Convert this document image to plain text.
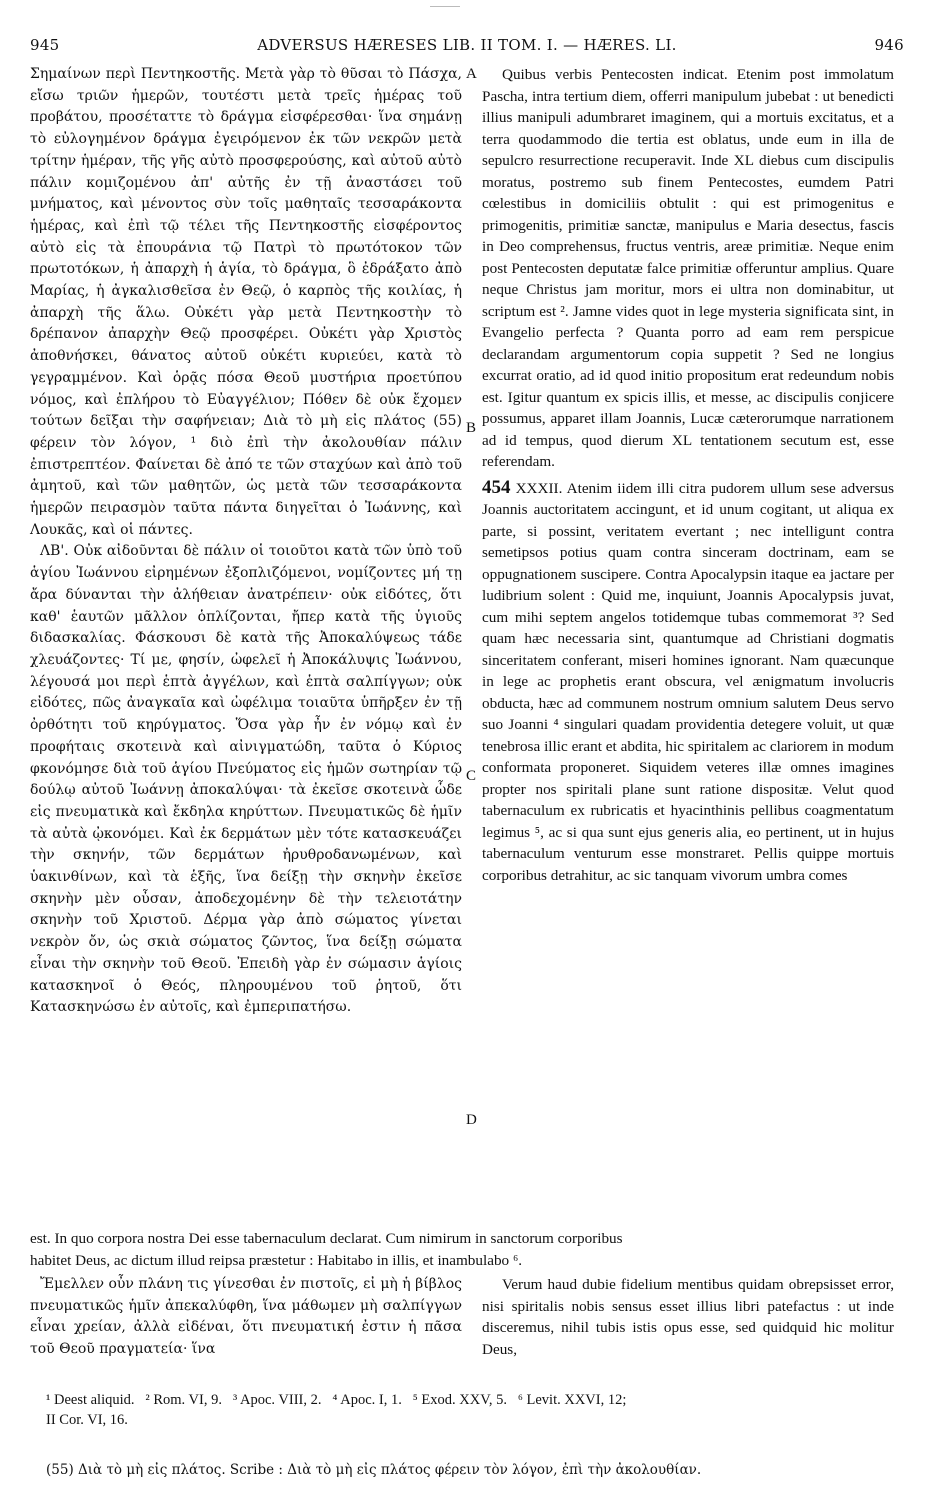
945	ADVERSUS HÆRESES LIB. II TOM. I. — HÆRES. LI.	946
A
B
C
D

Σημαίνων περὶ Πεντηκοστῆς. Μετὰ γὰρ τὸ θῦσαι τὸ Πάσχα, εἴσω τριῶν ἡμερῶν, τουτέστι μετὰ τρεῖς ἡμέρας τοῦ προβάτου, προσέταττε τὸ δράγμα εἰσφέρεσθαι· ἵνα σημάνῃ τὸ εὐλογημένον δράγμα ἐγειρόμενον ἐκ τῶν νεκρῶν μετὰ τρίτην ἡμέραν, τῆς γῆς αὐτὸ προσφερούσης, καὶ αὐτοῦ αὐτὸ πάλιν κομιζομένου ἀπ' αὐτῆς ἐν τῇ ἀναστάσει τοῦ μνήματος, καὶ μένοντος σὺν τοῖς μαθηταῖς τεσσαράκοντα ἡμέρας, καὶ ἐπὶ τῷ τέλει τῆς Πεντηκοστῆς εἰσφέροντος αὐτὸ εἰς τὰ ἐπουράνια τῷ Πατρὶ τὸ πρωτότοκον τῶν πρωτοτόκων, ἡ ἀπαρχὴ ἡ ἁγία, τὸ δράγμα, ὃ ἐδράξατο ἀπὸ Μαρίας, ἡ ἀγκαλισθεῖσα ἐν Θεῷ, ὁ καρπὸς τῆς κοιλίας, ἡ ἀπαρχὴ τῆς ἅλω. Οὐκέτι γὰρ μετὰ Πεντηκοστὴν τὸ δρέπανον ἀπαρχὴν Θεῷ προσφέρει. Οὐκέτι γὰρ Χριστὸς ἀποθνήσκει, θάνατος αὐτοῦ οὐκέτι κυριεύει, κατὰ τὸ γεγραμμένον. Καὶ ὁρᾷς πόσα Θεοῦ μυστήρια προετύπου νόμος, καὶ ἐπλήρου τὸ Εὐαγγέλιον; Πόθεν δὲ οὐκ ἔχομεν τούτων δεῖξαι τὴν σαφήνειαν; Διὰ τὸ μὴ εἰς πλάτος (55) φέρειν τὸν λόγον, ¹ διὸ ἐπὶ τὴν ἀκολουθίαν πάλιν ἐπιστρεπτέον. Φαίνεται δὲ ἀπό τε τῶν σταχύων καὶ ἀπὸ τοῦ ἀμητοῦ, καὶ τῶν μαθητῶν, ὡς μετὰ τῶν τεσσαράκοντα ἡμερῶν πειρασμὸν ταῦτα πάντα διηγεῖται ὁ Ἰωάννης, καὶ Λουκᾶς, καὶ οἱ πάντες.

ΛΒ'. Οὐκ αἰδοῦνται δὲ πάλιν οἱ τοιοῦτοι κατὰ τῶν ὑπὸ τοῦ ἁγίου Ἰωάννου εἰρημένων ἐξοπλιζόμενοι, νομίζοντες μή τῃ ἄρα δύνανται τὴν ἀλήθειαν ἀνατρέπειν· οὐκ εἰδότες, ὅτι καθ' ἑαυτῶν μᾶλλον ὁπλίζονται, ἤπερ κατὰ τῆς ὑγιοῦς διδασκαλίας. Φάσκουσι δὲ κατὰ τῆς Ἀποκαλύψεως τάδε χλευάζοντες· Τί με, φησίν, ὠφελεῖ ἡ Ἀποκάλυψις Ἰωάννου, λέγουσά μοι περὶ ἑπτὰ ἀγγέλων, καὶ ἑπτὰ σαλπίγγων; οὐκ εἰδότες, πῶς ἀναγκαῖα καὶ ὠφέλιμα τοιαῦτα ὑπῆρξεν ἐν τῇ ὀρθότητι τοῦ κηρύγματος. Ὅσα γὰρ ἦν ἐν νόμῳ καὶ ἐν προφήταις σκοτεινὰ καὶ αἰνιγματώδη, ταῦτα ὁ Κύριος φκονόμησε διὰ τοῦ ἁγίου Πνεύματος εἰς ἡμῶν σωτηρίαν τῷ δούλῳ αὐτοῦ Ἰωάννῃ ἀποκαλύψαι· τὰ ἐκεῖσε σκοτεινὰ ὧδε εἰς πνευματικὰ καὶ ἔκδηλα κηρύττων. Πνευματικῶς δὲ ἡμῖν τὰ αὐτὰ ᾠκονόμει. Καὶ ἐκ δερμάτων μὲν τότε κατασκευάζει τὴν σκηνήν, τῶν δερμάτων ἠρυθροδανωμένων, καὶ ὑακινθίνων, καὶ τὰ ἑξῆς, ἵνα δείξῃ τὴν σκηνὴν ἐκεῖσε σκηνὴν μὲν οὖσαν, ἀποδεχομένην δὲ τὴν τελειοτάτην σκηνὴν τοῦ Χριστοῦ. Δέρμα γὰρ ἀπὸ σώματος γίνεται νεκρὸν ὄν, ὡς σκιὰ σώματος ζῶντος, ἵνα δείξῃ σώματα εἶναι τὴν σκηνὴν τοῦ Θεοῦ. Ἐπειδὴ γὰρ ἐν σώμασιν ἁγίοις κατασκηνοῖ ὁ Θεός, πληρουμένου τοῦ ῥητοῦ, ὅτι Κατασκηνώσω ἐν αὐτοῖς, καὶ ἐμπεριπατήσω.

Quibus verbis Pentecosten indicat. Etenim post immolatum Pascha, intra tertium diem, offerri manipulum jubebat : ut benedicti illius manipuli adumbraret imaginem, qui a mortuis excitatus, et a terra quodammodo die tertia est oblatus, unde eum in illa de sepulcro resurrectione recuperavit. Inde XL diebus cum discipulis moratus, postremo sub finem Pentecostes, eumdem Patri cœlestibus in domiciliis obtulit : qui est primogenitus e primogenitis, primitiæ sanctæ, manipulus e Maria desectus, fascis in Deo comprehensus, fructus ventris, areæ primitiæ. Neque enim post Pentecosten deputatæ falce primitiæ offeruntur amplius. Quare neque Christus jam moritur, mors ei ultra non dominabitur, ut scriptum est ². Jamne vides quot in lege mysteria significata sint, in Evangelio perfecta ? Quanta porro ad eam rem perspicue declarandam argumentorum copia suppetit ? Sed ne longius excurrat oratio, ad id quod initio propositum erat redeundum nobis est. Igitur quantum ex spicis illis, et messe, ac discipulis conjicere possumus, apparet illam Joannis, Lucæ cæterorumque narrationem ad id tempus, quod dierum XL tentationem secutum est, esse referendam.

454 XXXII. Atenim iidem illi citra pudorem ullum sese adversus Joannis auctoritatem accingunt, et id unum cogitant, ut aliqua ex parte, si possint, veritatem evertant ; nec intelligunt contra semetipsos potius quam contra sinceram doctrinam, eam se oppugnationem suscipere. Contra Apocalypsin itaque ea jactare per ludibrium solent : Quid me, inquiunt, Joannis Apocalypsis juvat, cum mihi septem angelos totidemque tubas commemorat ³? Sed quam hæc necessaria sint, quantumque ad Christiani dogmatis sinceritatem conferant, miseri homines ignorant. Nam quæcunque in lege ac prophetis erant obscura, vel ænigmatum involucris obducta, hæc ad communem nostrum omnium salutem Deus servo suo Joanni ⁴ singulari quadam providentia detegere voluit, ut quæ tenebrosa illic erant et abdita, hic spiritalem ac clariorem in modum conformata proponeret. Siquidem veteres illæ omnes imagines propter nos spiritali plane sunt ratione dispositæ. Velut quod tabernaculum ex rubricatis et hyacinthinis pellibus coagmentatum legimus ⁵, ac si qua sunt ejus generis alia, eo pertinent, ut in hujus tabernaculum venturum esse monstraret. Pellis quippe mortuis corporibus detrahitur, ac sic tanquam vivorum umbra comes

est. In quo corpora nostra Dei esse tabernaculum declarat. Cum nimirum in sanctorum corporibus
habitet Deus, ac dictum illud reipsa præstetur : Habitabo in illis, et inambulabo ⁶.

Ἔμελλεν οὖν πλάνη τις γίνεσθαι ἐν πιστοῖς, εἰ μὴ ἡ βίβλος πνευματικῶς ἡμῖν ἀπεκαλύφθη, ἵνα μάθωμεν μὴ σαλπίγγων εἶναι χρείαν, ἀλλὰ εἰδέναι, ὅτι πνευματική ἐστιν ἡ πᾶσα τοῦ Θεοῦ πραγματεία· ἵνα

Verum haud dubie fidelium mentibus quidam obrepsisset error, nisi spiritalis nobis sensus esset illius libri patefactus : ut inde disceremus, nihil tubis istis opus esse, sed quidquid hic molitur Deus,

¹ Deest aliquid.   ² Rom. VI, 9.   ³ Apoc. VIII, 2.   ⁴ Apoc. I, 1.   ⁵ Exod. XXV, 5.   ⁶ Levit. XXVI, 12;
II Cor. VI, 16.
(55) Διὰ τὸ μὴ εἰς πλάτος. Scribe : Διὰ τὸ μὴ εἰς πλάτος φέρειν τὸν λόγον, ἐπὶ τὴν ἀκολουθίαν.
